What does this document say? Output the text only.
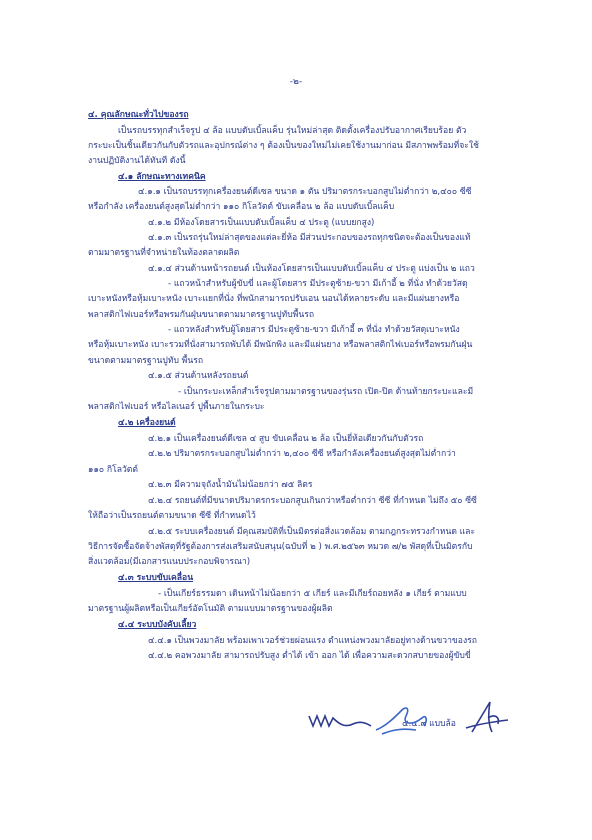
-๒-
๔. คุณลักษณะทั่วไปของรถ
เป็นรถบรรทุกสำเร็จรูป ๔ ล้อ แบบดับเบิ้ลแค็บ รุ่นใหม่ล่าสุด ติดตั้งเครื่องปรับอากาศเรียบร้อย ตัว
กระบะเป็นชิ้นเดียวกันกับตัวรถและอุปกรณ์ต่าง ๆ ต้องเป็นของใหม่ไม่เคยใช้งานมาก่อน มีสภาพพร้อมที่จะใช้
งานปฏิบัติงานได้ทันที ดังนี้
๔.๑ ลักษณะทางเทคนิค
๔.๑.๑ เป็นรถบรรทุกเครื่องยนต์ดีเซล ขนาด ๑ ตัน ปริมาตรกระบอกสูบไม่ต่ำกว่า ๒,๔๐๐ ซีซี
หรือกำลัง เครื่องยนต์สูงสุดไม่ต่ำกว่า ๑๑๐ กิโลวัตต์ ขับเคลื่อน ๒ ล้อ แบบดับเบิ้ลแค็บ
๔.๑.๒ มีห้องโดยสารเป็นแบบดับเบิ้ลแค็บ ๔ ประตู (แบบยกสูง)
๔.๑.๓ เป็นรถรุ่นใหม่ล่าสุดของแต่ละยี่ห้อ มีส่วนประกอบของรถทุกชนิดจะต้องเป็นของแท้
ตามมาตรฐานที่จำหน่ายในท้องตลาดผลิต
๔.๑.๔ ส่วนด้านหน้ารถยนต์ เป็นห้องโดยสารเป็นแบบดับเบิ้ลแค็บ ๔ ประตู แบ่งเป็น ๒ แถว
- แถวหน้าสำหรับผู้ขับขี่ และผู้โดยสาร มีประตูซ้าย-ขวา มีเก้าอี้ ๒ ที่นั่ง ทำด้วยวัสดุ
เบาะหนังหรือหุ้มเบาะหนัง เบาะแยกที่นั่ง ที่พนักสามารถปรับเอน นอนได้หลายระดับ และมีแผ่นยางหรือ
พลาสติกไฟเบอร์หรือพรมกันฝุ่นขนาดตามมาตรฐานปูทับพื้นรถ
- แถวหลังสำหรับผู้โดยสาร มีประตูซ้าย-ขวา มีเก้าอี้ ๓ ที่นั่ง ทำด้วยวัสดุเบาะหนัง
หรือหุ้มเบาะหนัง เบาะรวมที่นั่งสามารถพับได้ มีพนักพิง และมีแผ่นยาง หรือพลาสติกไฟเบอร์หรือพรมกันฝุ่น
ขนาดตามมาตรฐานปูทับ พื้นรถ
๔.๑.๕ ส่วนด้านหลังรถยนต์
- เป็นกระบะเหล็กสำเร็จรูปตามมาตรฐานของรุ่นรถ เปิด-ปิด ด้านท้ายกระบะและมี
พลาสติกไฟเบอร์ หรือไลเนอร์ ปูพื้นภายในกระบะ
๔.๒ เครื่องยนต์
๔.๒.๑ เป็นเครื่องยนต์ดีเซล ๔ สูบ ขับเคลื่อน ๒ ล้อ เป็นยี่ห้อเดียวกันกับตัวรถ
๔.๒.๒ ปริมาตรกระบอกสูบไม่ต่ำกว่า ๒,๔๐๐ ซีซี หรือกำลังเครื่องยนต์สูงสุดไม่ต่ำกว่า
๑๑๐ กิโลวัตต์
๔.๒.๓ มีความจุถังน้ำมันไม่น้อยกว่า ๗๕ ลิตร
๔.๒.๔ รถยนต์ที่มีขนาดปริมาตรกระบอกสูบเกินกว่าหรือต่ำกว่า ซีซี ที่กำหนด ไม่ถึง ๕๐ ซีซี
ให้ถือว่าเป็นรถยนต์ตามขนาด ซีซี ที่กำหนดไว้
๔.๒.๕ ระบบเครื่องยนต์ มีคุณสมบัติที่เป็นมิตรต่อสิ่งแวดล้อม ตามกฎกระทรวงกำหนด และ
วิธีการจัดซื้อจัดจ้างพัสดุที่รัฐต้องการส่งเสริมสนับสนุน(ฉบับที่ ๒ ) พ.ศ.๒๕๖๓ หมวด ๗/๒ พัสดุที่เป็นมิตรกับ
สิ่งแวดล้อม(มีเอกสารแนบประกอบพิจารณา)
๔.๓ ระบบขับเคลื่อน
- เป็นเกียร์ธรรมดา เดินหน้าไม่น้อยกว่า ๕ เกียร์ และมีเกียร์ถอยหลัง ๑ เกียร์ ตามแบบ
มาตรฐานผู้ผลิตหรือเป็นเกียร์อัตโนมัติ ตามแบบมาตรฐานของผู้ผลิต
๔.๔ ระบบบังคับเลี้ยว
๔.๔.๑ เป็นพวงมาลัย พร้อมเพาเวอร์ช่วยผ่อนแรง ตำแหน่งพวงมาลัยอยู่ทางด้านขวาของรถ
๔.๔.๒ คอพวงมาลัย สามารถปรับสูง ต่ำได้ เข้า ออก ได้ เพื่อความสะดวกสบายของผู้ขับขี่
๔.๔.๓ แบบล้อ
